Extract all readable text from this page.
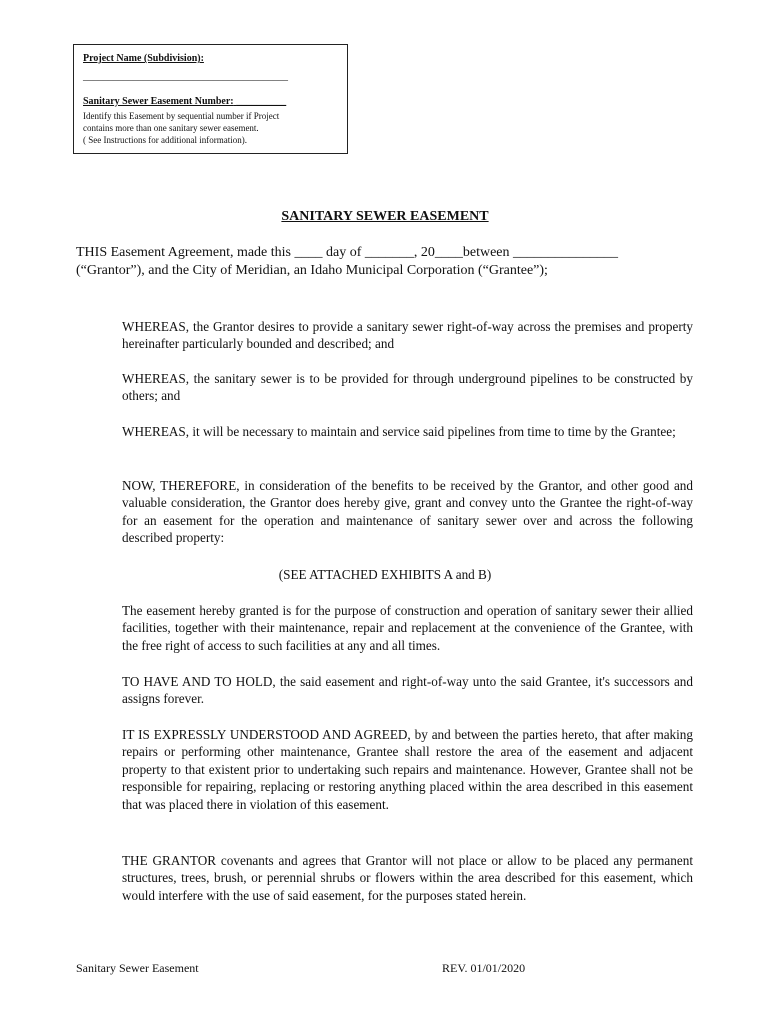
Project Name (Subdivision):
_________________________________________
Sanitary Sewer Easement Number: __________
Identify this Easement by sequential number if Project
contains more than one sanitary sewer easement.
( See Instructions for additional information).
SANITARY SEWER EASEMENT
THIS Easement Agreement, made this ____ day of _______, 20____between _______________
(“Grantor”), and the City of Meridian, an Idaho Municipal Corporation (“Grantee”);
WHEREAS, the Grantor desires to provide a sanitary sewer right-of-way across the premises and property hereinafter particularly bounded and described; and
WHEREAS, the sanitary sewer is to be provided for through underground pipelines to be constructed by others; and
WHEREAS, it will be necessary to maintain and service said pipelines from time to time by the Grantee;
NOW, THEREFORE, in consideration of the benefits to be received by the Grantor, and other good and valuable consideration, the Grantor does hereby give, grant and convey unto the Grantee the right-of-way for an easement for the operation and maintenance of sanitary sewer over and across the following described property:
(SEE ATTACHED EXHIBITS A and B)
The easement hereby granted is for the purpose of construction and operation of sanitary sewer their allied facilities, together with their maintenance, repair and replacement at the convenience of the Grantee, with the free right of access to such facilities at any and all times.
TO HAVE AND TO HOLD, the said easement and right-of-way unto the said Grantee, it's successors and assigns forever.
IT IS EXPRESSLY UNDERSTOOD AND AGREED, by and between the parties hereto, that after making repairs or performing other maintenance, Grantee shall restore the area of the easement and adjacent property to that existent prior to undertaking such repairs and maintenance. However, Grantee shall not be responsible for repairing, replacing or restoring anything placed within the area described in this easement that was placed there in violation of this easement.
THE GRANTOR covenants and agrees that Grantor will not place or allow to be placed any permanent structures, trees, brush, or perennial shrubs or flowers within the area described for this easement, which would interfere with the use of said easement, for the purposes stated herein.
Sanitary Sewer Easement	REV. 01/01/2020
